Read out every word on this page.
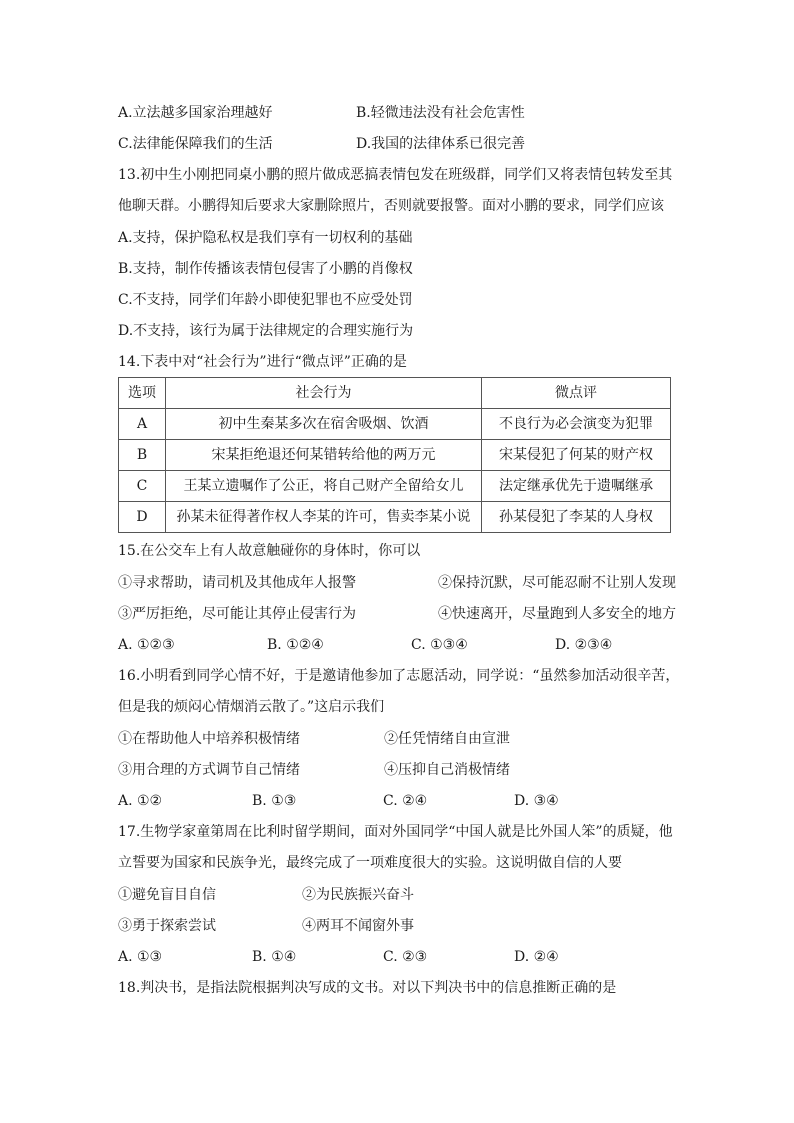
A.立法越多国家治理越好	B.轻微违法没有社会危害性
C.法律能保障我们的生活	D.我国的法律体系已很完善
13.初中生小刚把同桌小鹏的照片做成恶搞表情包发在班级群，同学们又将表情包转发至其
他聊天群。小鹏得知后要求大家删除照片，否则就要报警。面对小鹏的要求，同学们应该
A.支持，保护隐私权是我们享有一切权利的基础
B.支持，制作传播该表情包侵害了小鹏的肖像权
C.不支持，同学们年龄小即使犯罪也不应受处罚
D.不支持，该行为属于法律规定的合理实施行为
14.下表中对“社会行为”进行“微点评”正确的是
选项	社会行为	微点评
A	初中生秦某多次在宿舍吸烟、饮酒	不良行为必会演变为犯罪
B	宋某拒绝退还何某错转给他的两万元	宋某侵犯了何某的财产权
C	王某立遗嘱作了公正，将自己财产全留给女儿	法定继承优先于遗嘱继承
D	孙某未征得著作权人李某的许可，售卖李某小说	孙某侵犯了李某的人身权
15.在公交车上有人故意触碰你的身体时，你可以
①寻求帮助，请司机及其他成年人报警	②保持沉默，尽可能忍耐不让别人发现
③严厉拒绝，尽可能让其停止侵害行为	④快速离开，尽量跑到人多安全的地方
A. ①②③	B. ①②④	C. ①③④	D. ②③④
16.小明看到同学心情不好，于是邀请他参加了志愿活动，同学说：“虽然参加活动很辛苦，
但是我的烦闷心情烟消云散了。”这启示我们
①在帮助他人中培养积极情绪	②任凭情绪自由宣泄
③用合理的方式调节自己情绪	④压抑自己消极情绪
A. ①②	B. ①③	C. ②④	D. ③④
17.生物学家童第周在比利时留学期间，面对外国同学“中国人就是比外国人笨”的质疑，他
立誓要为国家和民族争光，最终完成了一项难度很大的实验。这说明做自信的人要
①避免盲目自信	②为民族振兴奋斗
③勇于探索尝试	④两耳不闻窗外事
A. ①③	B. ①④	C. ②③	D. ②④
18.判决书，是指法院根据判决写成的文书。对以下判决书中的信息推断正确的是
